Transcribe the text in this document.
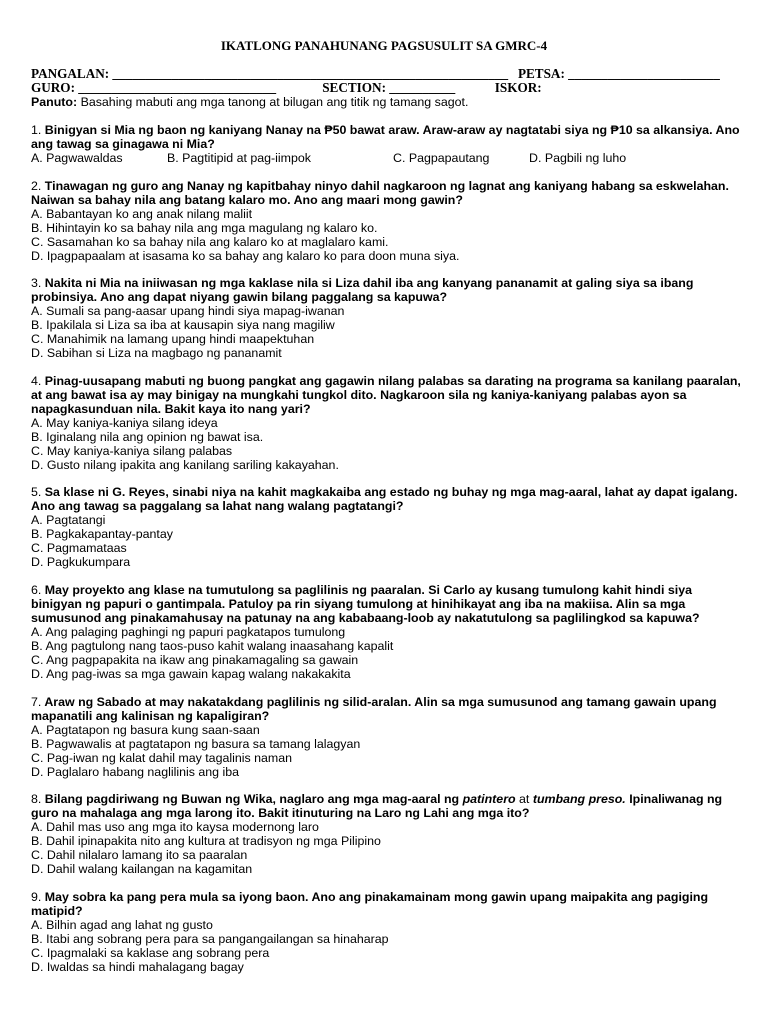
IKATLONG PANAHUNANG PAGSUSULIT SA GMRC-4
PANGALAN: ____________________________________________________________   PETSA: _______________________
GURO: ______________________________              SECTION: __________            ISKOR:
Panuto: Basahing mabuti ang mga tanong at bilugan ang titik ng tamang sagot.
1. Binigyan si Mia ng baon ng kaniyang Nanay na ₱50 bawat araw. Araw-araw ay nagtatabi siya ng ₱10 sa alkansiya. Ano ang tawag sa ginagawa ni Mia?
A. Pagwawaldas	B. Pagtitipid at pag-iimpok	C. Pagpapautang	D. Pagbili ng luho
2. Tinawagan ng guro ang Nanay ng kapitbahay ninyo dahil nagkaroon ng lagnat ang kaniyang habang sa eskwelahan. Naiwan sa bahay nila ang batang kalaro mo. Ano ang maari mong gawin?
A. Babantayan ko ang anak nilang maliit
B. Hihintayin ko sa bahay nila ang mga magulang ng kalaro ko.
C. Sasamahan ko sa bahay nila ang kalaro ko at maglalaro kami.
D. Ipagpapaalam at isasama ko sa bahay ang kalaro ko para doon muna siya.
3. Nakita ni Mia na iniiwasan ng mga kaklase nila si Liza dahil iba ang kanyang pananamit at galing siya sa ibang probinsiya. Ano ang dapat niyang gawin bilang paggalang sa kapuwa?
A. Sumali sa pang-aasar upang hindi siya mapag-iwanan
B. Ipakilala si Liza sa iba at kausapin siya nang magiliw
C. Manahimik na lamang upang hindi maapektuhan
D. Sabihan si Liza na magbago ng pananamit
4. Pinag-uusapang mabuti ng buong pangkat ang gagawin nilang palabas sa darating na programa sa kanilang paaralan, at ang bawat isa ay may binigay na mungkahi tungkol dito. Nagkaroon sila ng kaniya-kaniyang palabas ayon sa napagkasunduan nila. Bakit kaya ito nang yari?
A. May kaniya-kaniya silang ideya
B. Iginalang nila ang opinion ng bawat isa.
C. May kaniya-kaniya silang palabas
D. Gusto nilang ipakita ang kanilang sariling kakayahan.
5. Sa klase ni G. Reyes, sinabi niya na kahit magkakaiba ang estado ng buhay ng mga mag-aaral, lahat ay dapat igalang. Ano ang tawag sa paggalang sa lahat nang walang pagtatangi?
A. Pagtatangi
B. Pagkakapantay-pantay
C. Pagmamataas
D. Pagkukumpara
6. May proyekto ang klase na tumutulong sa paglilinis ng paaralan. Si Carlo ay kusang tumulong kahit hindi siya binigyan ng papuri o gantimpala. Patuloy pa rin siyang tumulong at hinihikayat ang iba na makiisa. Alin sa mga sumusunod ang pinakamahusay na patunay na ang kababaang-loob ay nakatutulong sa paglilingkod sa kapuwa?
A. Ang palaging paghingi ng papuri pagkatapos tumulong
B. Ang pagtulong nang taos-puso kahit walang inaasahang kapalit
C. Ang pagpapakita na ikaw ang pinakamagaling sa gawain
D. Ang pag-iwas sa mga gawain kapag walang nakakakita
7. Araw ng Sabado at may nakatakdang paglilinis ng silid-aralan. Alin sa mga sumusunod ang tamang gawain upang mapanatili ang kalinisan ng kapaligiran?
A. Pagtatapon ng basura kung saan-saan
B. Pagwawalis at pagtatapon ng basura sa tamang lalagyan
C. Pag-iwan ng kalat dahil may tagalinis naman
D. Paglalaro habang naglilinis ang iba
8. Bilang pagdiriwang ng Buwan ng Wika, naglaro ang mga mag-aaral ng patintero at tumbang preso. Ipinaliwanag ng guro na mahalaga ang mga larong ito. Bakit itinuturing na Laro ng Lahi ang mga ito?
A. Dahil mas uso ang mga ito kaysa modernong laro
B. Dahil ipinapakita nito ang kultura at tradisyon ng mga Pilipino
C. Dahil nilalaro lamang ito sa paaralan
D. Dahil walang kailangan na kagamitan
9. May sobra ka pang pera mula sa iyong baon. Ano ang pinakamainam mong gawin upang maipakita ang pagiging matipid?
A. Bilhin agad ang lahat ng gusto
B. Itabi ang sobrang pera para sa pangangailangan sa hinaharap
C. Ipagmalaki sa kaklase ang sobrang pera
D. Iwaldas sa hindi mahalagang bagay
